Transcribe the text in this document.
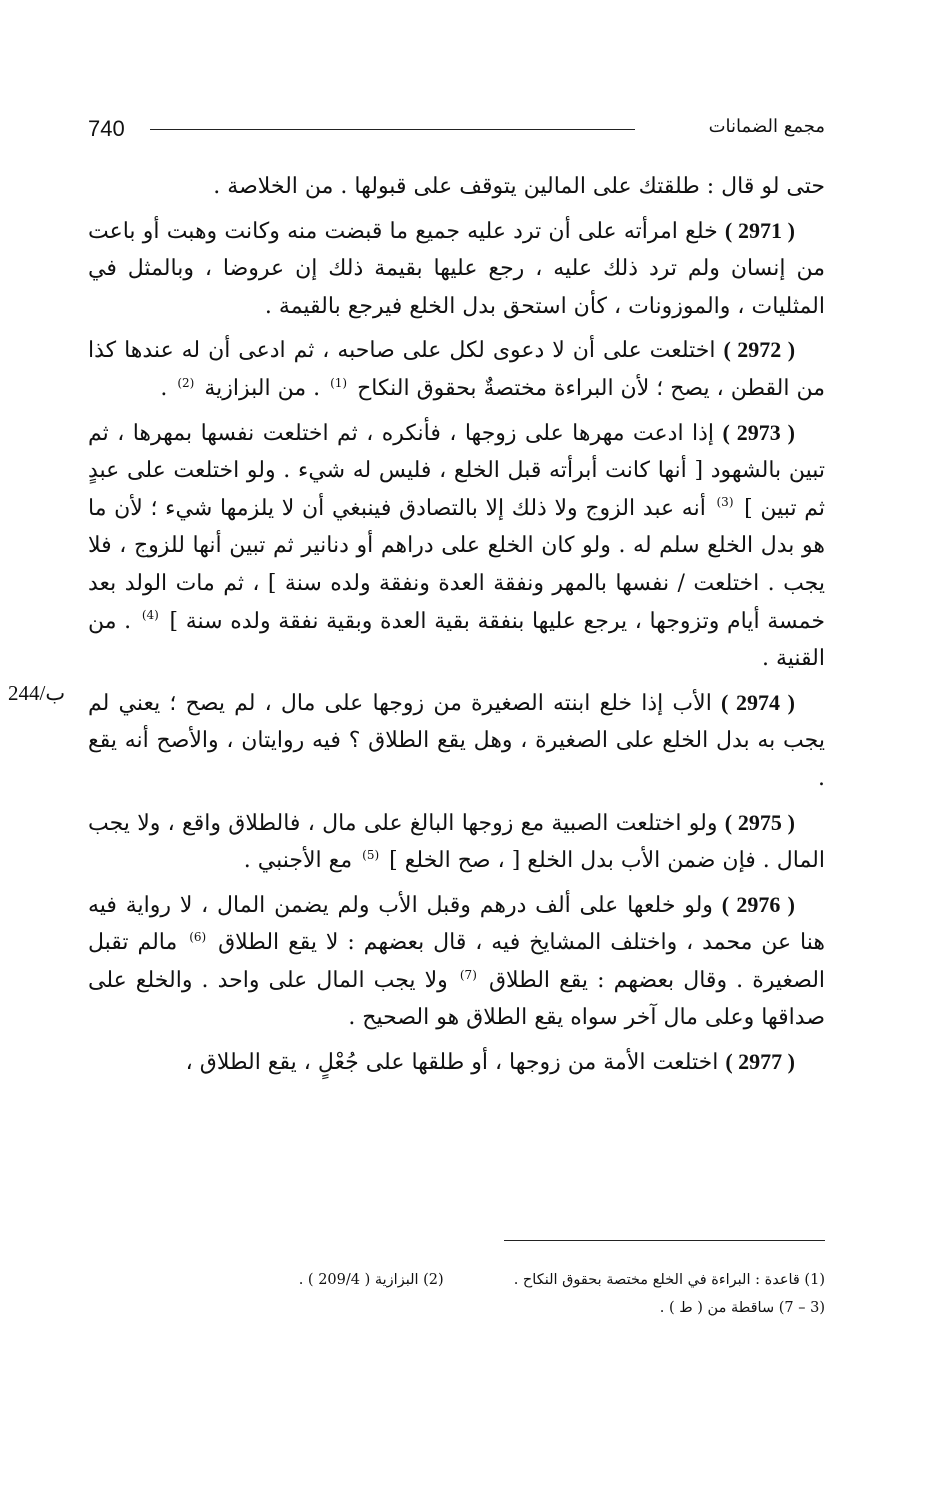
740	مجمع الضمانات
244/ب

حتى لو قال : طلقتك على المالين يتوقف على قبولها . من الخلاصة .

( 2971 ) خلع امرأته على أن ترد عليه جميع ما قبضت منه وكانت وهبت أو باعت من إنسان ولم ترد ذلك عليه ، رجع عليها بقيمة ذلك إن عروضا ، وبالمثل في المثليات ، والموزونات ، كأن استحق بدل الخلع فيرجع بالقيمة .

( 2972 ) اختلعت على أن لا دعوى لكل على صاحبه ، ثم ادعى أن له عندها كذا من القطن ، يصح ؛ لأن البراءة مختصةٌ بحقوق النكاح $^{(1)}$ . من البزازية $^{(2)}$ .

( 2973 ) إذا ادعت مهرها على زوجها ، فأنكره ، ثم اختلعت نفسها بمهرها ، ثم تبين بالشهود [ أنها كانت أبرأته قبل الخلع ، فليس له شيء . ولو اختلعت على عبدٍ ثم تبين ] $^{(3)}$ أنه عبد الزوج ولا ذلك إلا بالتصادق فينبغي أن لا يلزمها شيء ؛ لأن ما هو بدل الخلع سلم له . ولو كان الخلع على دراهم أو دنانير ثم تبين أنها للزوج ، فلا يجب . اختلعت / نفسها بالمهر ونفقة العدة ونفقة ولده سنة ] ، ثم مات الولد بعد خمسة أيام وتزوجها ، يرجع عليها بنفقة بقية العدة وبقية نفقة ولده سنة ] $^{(4)}$ . من القنية .

( 2974 ) الأب إذا خلع ابنته الصغيرة من زوجها على مال ، لم يصح ؛ يعني لم يجب به بدل الخلع على الصغيرة ، وهل يقع الطلاق ؟ فيه روايتان ، والأصح أنه يقع .

( 2975 ) ولو اختلعت الصبية مع زوجها البالغ على مال ، فالطلاق واقع ، ولا يجب المال . فإن ضمن الأب بدل الخلع [ ، صح الخلع ] $^{(5)}$ مع الأجنبي .

( 2976 ) ولو خلعها على ألف درهم وقبل الأب ولم يضمن المال ، لا رواية فيه هنا عن محمد ، واختلف المشايخ فيه ، قال بعضهم : لا يقع الطلاق $^{(6)}$ مالم تقبل الصغيرة . وقال بعضهم : يقع الطلاق $^{(7)}$ ولا يجب المال على واحد . والخلع على صداقها وعلى مال آخر سواه يقع الطلاق هو الصحيح .

( 2977 ) اختلعت الأمة من زوجها ، أو طلقها على جُعْلٍ ، يقع الطلاق ،

(1) قاعدة : البراءة في الخلع مختصة بحقوق النكاح .
(2) البزازية ( 209/4 ) .
(3 – 7) ساقطة من ( ط ) .
